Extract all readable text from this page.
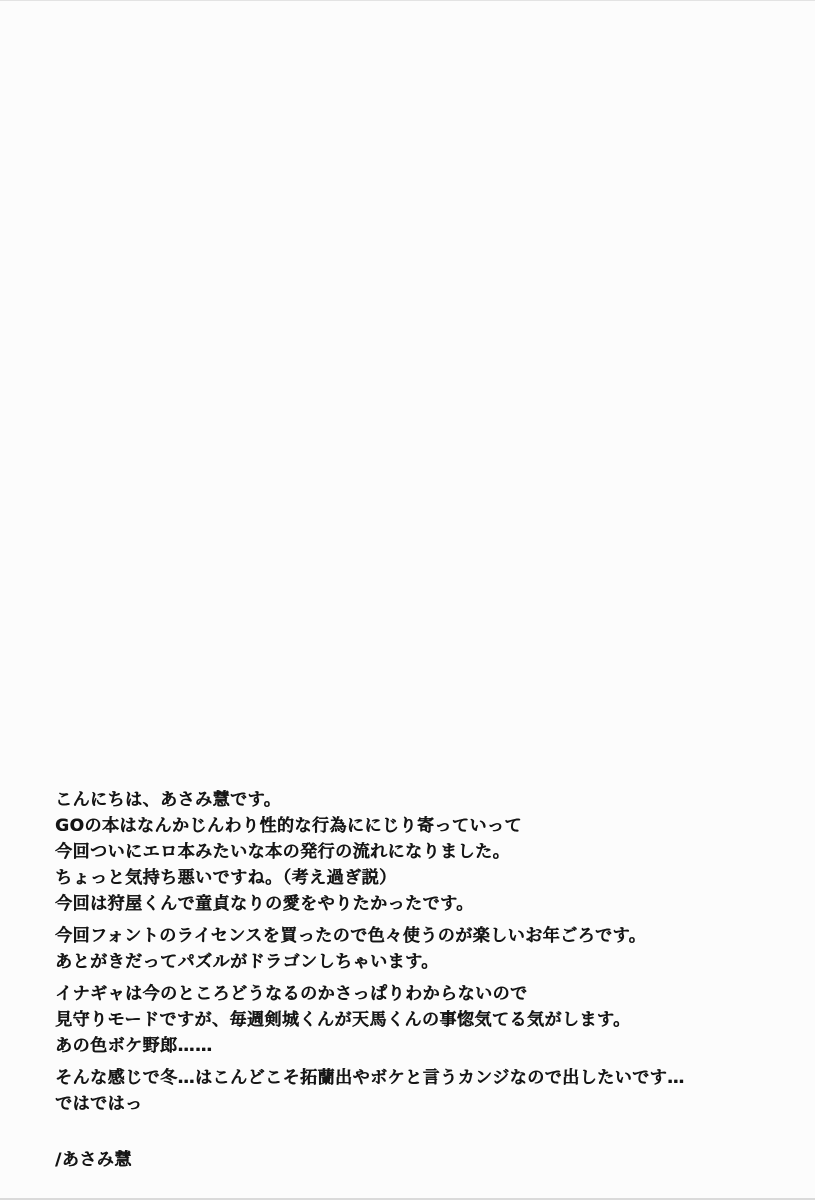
こんにちは、あさみ慧です。
GOの本はなんかじんわり性的な行為ににじり寄っていって
今回ついにエロ本みたいな本の発行の流れになりました。
ちょっと気持ち悪いですね。（考え過ぎ説）
今回は狩屋くんで童貞なりの愛をやりたかったです。
今回フォントのライセンスを買ったので色々使うのが楽しいお年ごろです。
あとがきだってパズルがドラゴンしちゃいます。
イナギャは今のところどうなるのかさっぱりわからないので
見守りモードですが、毎週剣城くんが天馬くんの事惚気てる気がします。
あの色ボケ野郎……
そんな感じで冬…はこんどこそ拓蘭出やボケと言うカンジなので出したいです…
ではではっ
/あさみ慧
